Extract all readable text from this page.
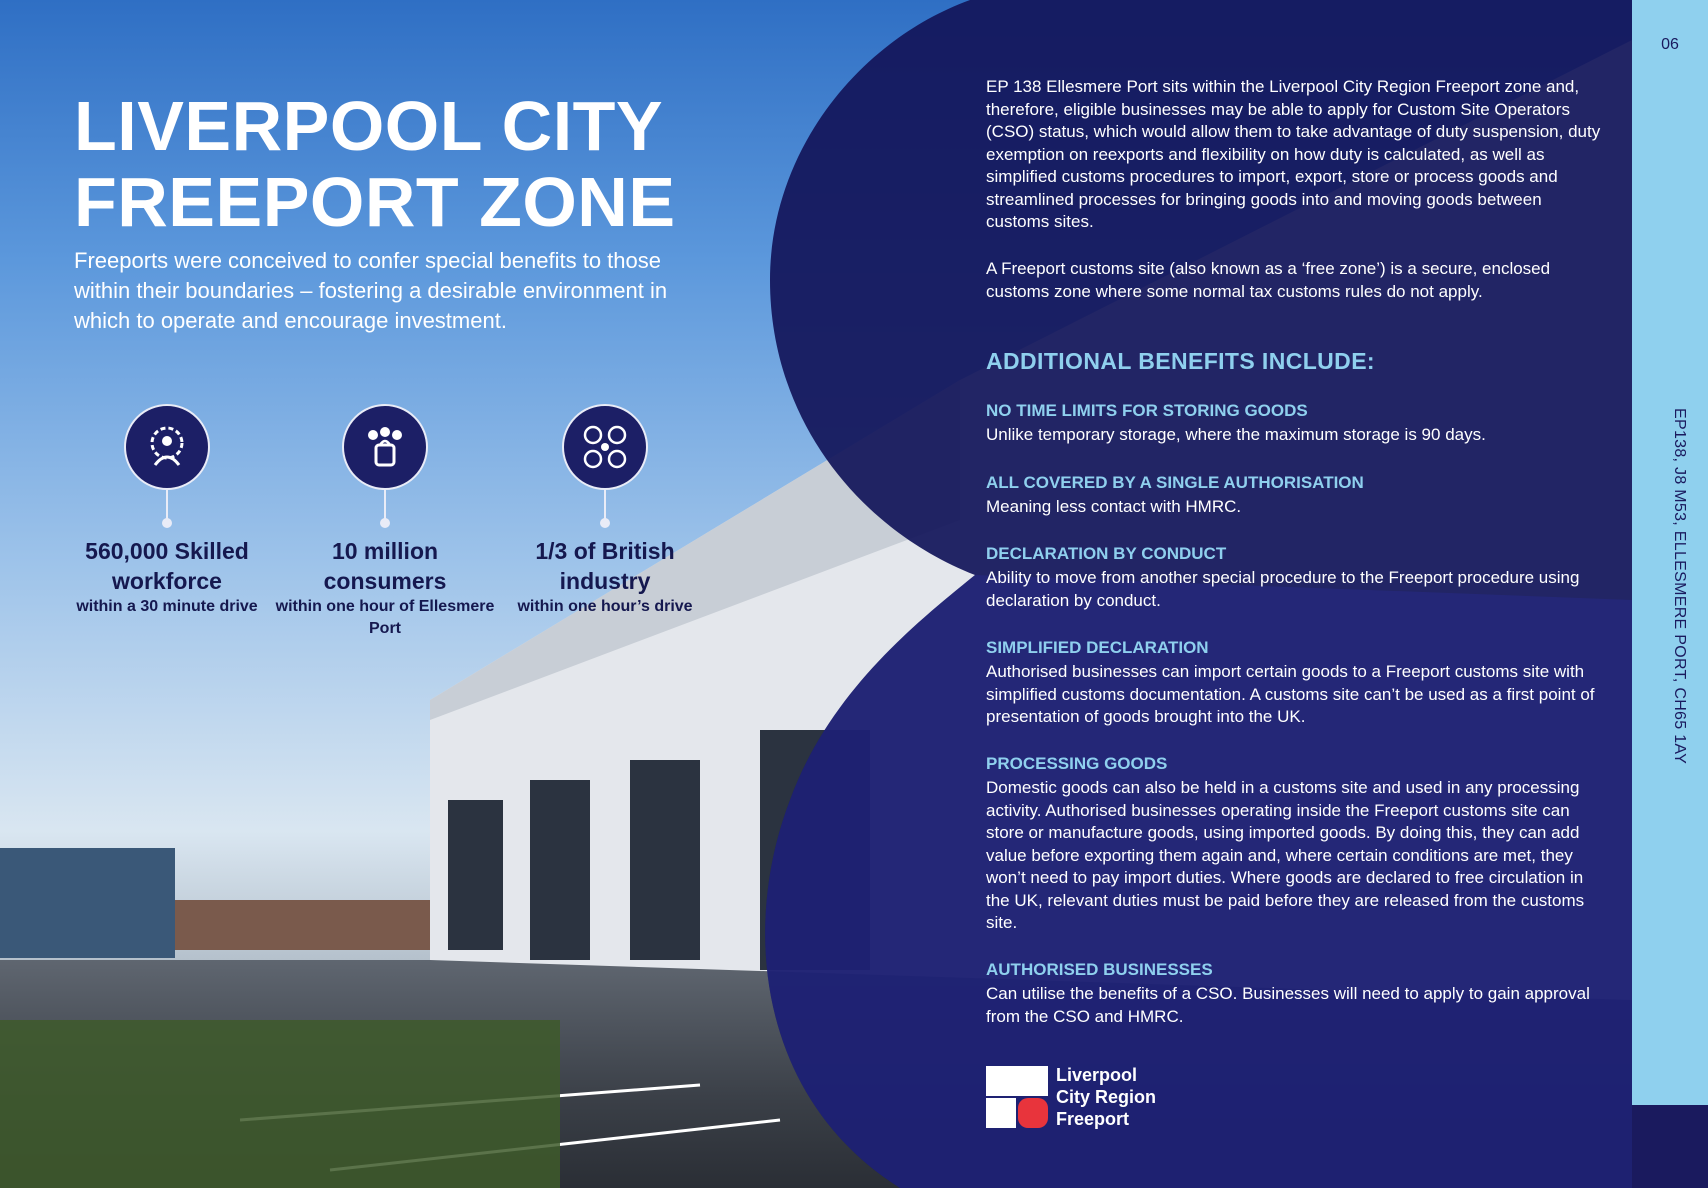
06
EP138, J8 M53, ELLESMERE PORT, CH65 1AY
LIVERPOOL CITY
FREEPORT ZONE

Freeports were conceived to confer special benefits to those within their boundaries – fostering a desirable environment in which to operate and encourage investment.

560,000 Skilled workforce
within a 30 minute drive
10 million consumers
within one hour of Ellesmere Port
1/3 of British industry
within one hour’s drive

EP 138 Ellesmere Port sits within the Liverpool City Region Freeport zone and, therefore, eligible businesses may be able to apply for Custom Site Operators (CSO) status, which would allow them to take advantage of duty suspension, duty exemption on reexports and flexibility on how duty is calculated, as well as simplified customs procedures to import, export, store or process goods and streamlined processes for bringing goods into and moving goods between customs sites.

A Freeport customs site (also known as a ‘free zone’) is a secure, enclosed customs zone where some normal tax customs rules do not apply.

ADDITIONAL BENEFITS INCLUDE:

NO TIME LIMITS FOR STORING GOODS

Unlike temporary storage, where the maximum storage is 90 days.

ALL COVERED BY A SINGLE AUTHORISATION

Meaning less contact with HMRC.

DECLARATION BY CONDUCT

Ability to move from another special procedure to the Freeport procedure using declaration by conduct.

SIMPLIFIED DECLARATION

Authorised businesses can import certain goods to a Freeport customs site with simplified customs documentation. A customs site can’t be used as a first point of presentation of goods brought into the UK.

PROCESSING GOODS

Domestic goods can also be held in a customs site and used in any processing activity. Authorised businesses operating inside the Freeport customs site can store or manufacture goods, using imported goods. By doing this, they can add value before exporting them again and, where certain conditions are met, they won’t need to pay import duties. Where goods are declared to free circulation in the UK, relevant duties must be paid before they are released from the customs site.

AUTHORISED BUSINESSES

Can utilise the benefits of a CSO. Businesses will need to apply to gain approval from the CSO and HMRC.

Liverpool
City Region
Freeport
